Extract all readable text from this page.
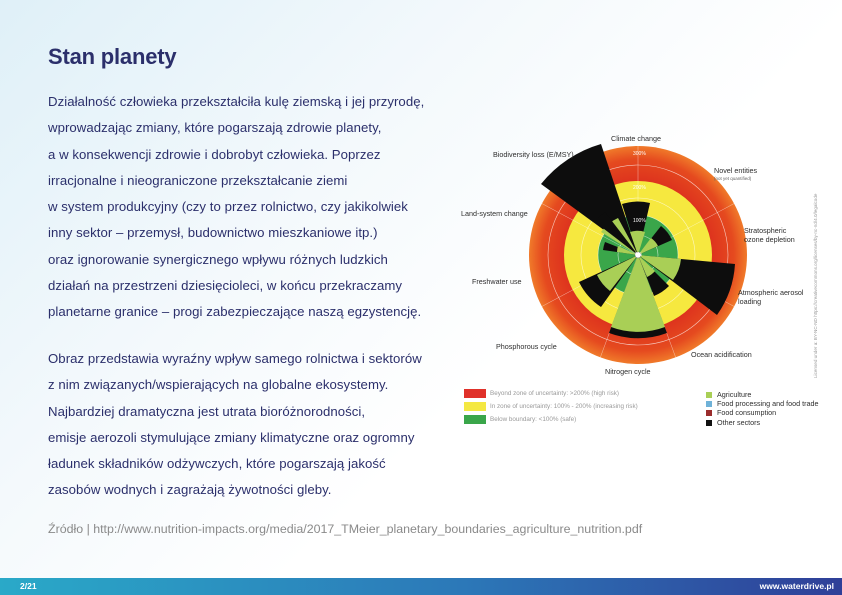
Stan planety
Działalność człowieka przekształciła kulę ziemską i jej przyrodę,
wprowadzając zmiany, które pogarszają zdrowie planety,
a w konsekwencji zdrowie i dobrobyt człowieka. Poprzez
irracjonalne i nieograniczone przekształcanie ziemi
w system produkcyjny (czy to przez rolnictwo, czy jakikolwiek
inny sektor – przemysł, budownictwo mieszkaniowe itp.)
oraz ignorowanie synergicznego wpływu różnych ludzkich
działań na przestrzeni dziesięcioleci, w końcu przekraczamy
planetarne granice – progi zabezpieczające naszą egzystencję.
Obraz przedstawia wyraźny wpływ samego rolnictwa i sektorów
z nim związanych/wspierających na globalne ekosystemy.
Najbardziej dramatyczna jest utrata bioróżnorodności,
emisje aerozoli stymulujące zmiany klimatyczne oraz ogromny
ładunek składników odżywczych, które pogarszają jakość
zasobów wodnych i zagrażają żywotności gleby.
300%
200%
100%
0%
Climate change
Biodiversity loss (E/MSY)
Novel entities
(not yet quantified)
Land-system change
Stratospheric
ozone depletion
Freshwater use
Atmospheric aerosol
loading
Phosphorous cycle
Ocean acidification
Nitrogen cycle
Beyond zone of uncertainty: >200% (high risk)
In zone of uncertainty: 100% - 200% (increasing risk)
Below boundary: <100% (safe)
Agriculture
Food processing and food trade
Food consumption
Other sectors
Licensed under a: BY-NC-ND https://creativecommons.org/licenses/by-nc-nd/4.0/legalcode
Źródło | http://www.nutrition-impacts.org/media/2017_TMeier_planetary_boundaries_agriculture_nutrition.pdf
2/21	www.waterdrive.pl
